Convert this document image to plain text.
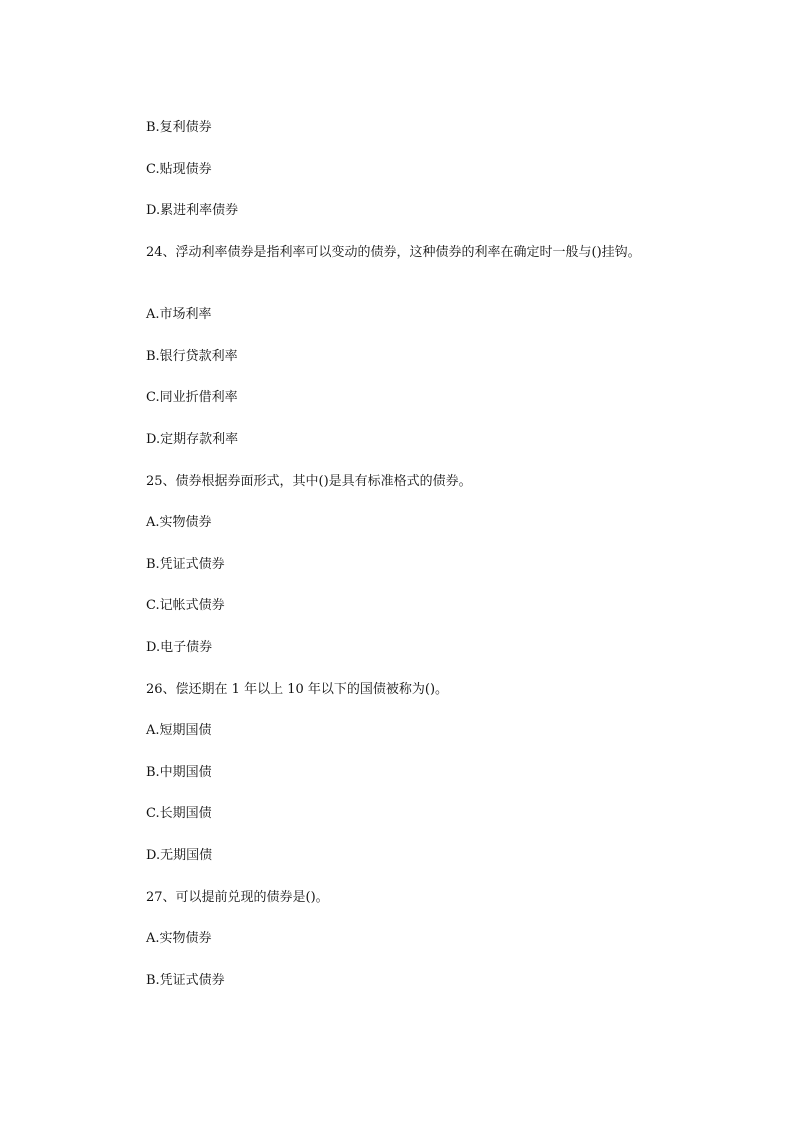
B.复利债券

C.贴现债券

D.累进利率债券

24、浮动利率债券是指利率可以变动的债券，这种债券的利率在确定时一般与()挂钩。

A.市场利率

B.银行贷款利率

C.同业折借利率

D.定期存款利率

25、债券根据券面形式，其中()是具有标准格式的债券。

A.实物债券

B.凭证式债券

C.记帐式债券

D.电子债券

26、偿还期在 1 年以上 10 年以下的国债被称为()。

A.短期国债

B.中期国债

C.长期国债

D.无期国债

27、可以提前兑现的债券是()。

A.实物债券

B.凭证式债券
